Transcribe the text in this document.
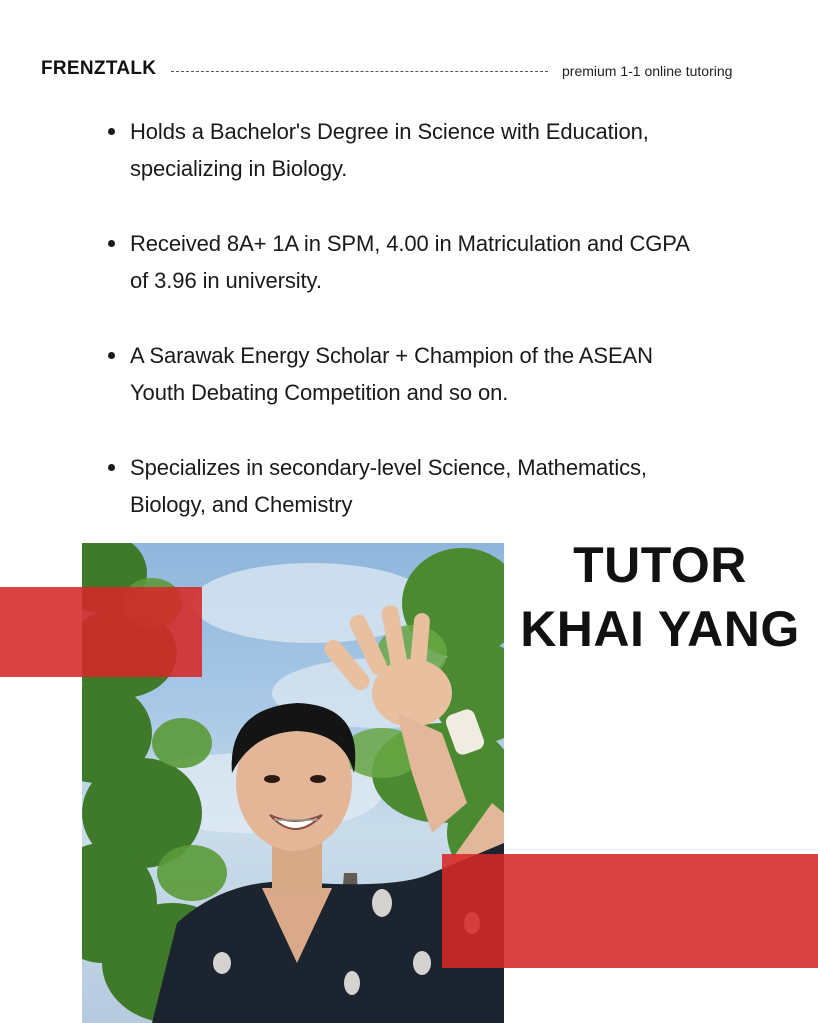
FRENZTALK	premium 1-1 online tutoring
Holds a Bachelor's Degree in Science with Education,
specializing in Biology.
Received 8A+ 1A in SPM, 4.00 in Matriculation and CGPA
of 3.96 in university.
A Sarawak Energy Scholar + Champion of the ASEAN
Youth Debating Competition and so on.
Specializes in secondary-level Science, Mathematics,
Biology, and Chemistry
TUTOR
KHAI YANG
